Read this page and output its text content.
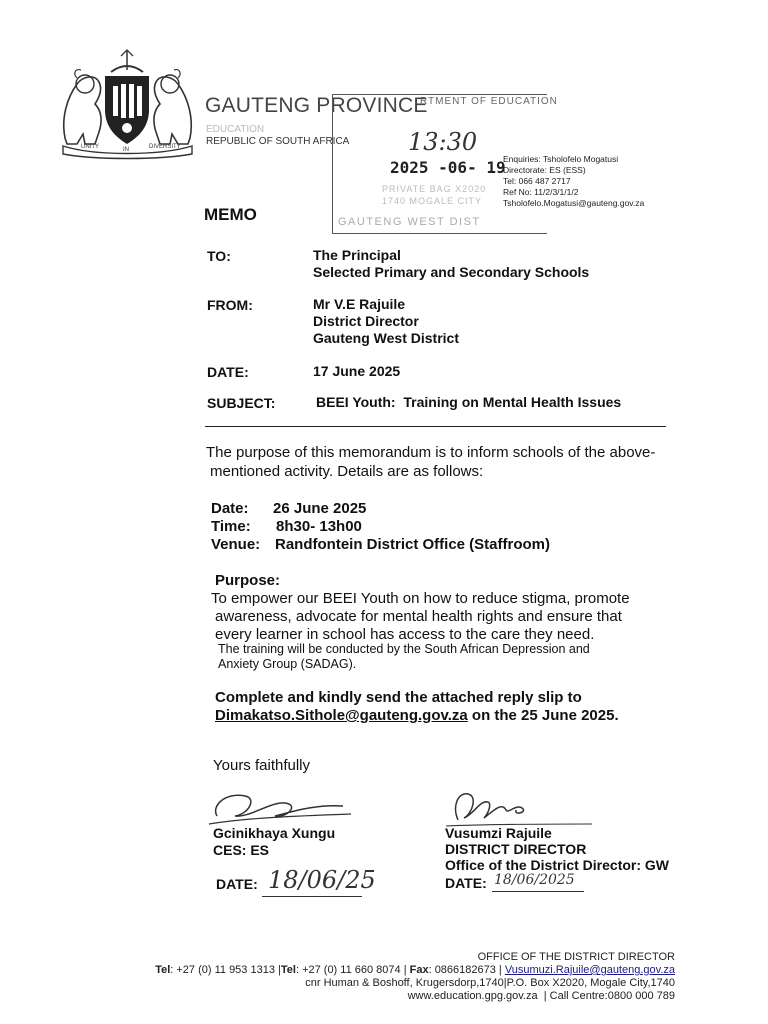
UNITY	IN	DIVERSITY
GAUTENG PROVINCE
EDUCATION
REPUBLIC OF SOUTH AFRICA
RTMENT OF EDUCATION
13:30
2025 -06- 19
PRIVATE BAG X2020
1740 MOGALE CITY
GAUTENG WEST DIST
Enquiries: Tsholofelo Mogatusi
Directorate: ES (ESS)
Tel: 066 487 2717
Ref No: 11/2/3/1/1/2
Tsholofelo.Mogatusi@gauteng.gov.za
MEMO
TO:	The Principal
Selected Primary and Secondary Schools
FROM:	Mr V.E Rajuile
District Director
Gauteng West District
DATE:	17 June 2025
SUBJECT:	BEEI Youth:  Training on Mental Health Issues
The purpose of this memorandum is to inform schools of the above-
mentioned activity. Details are as follows:
Date: 26 June 2025
Time: 8h30- 13h00
Venue: Randfontein District Office (Staffroom)
Purpose:
To empower our BEEI Youth on how to reduce stigma, promote
awareness, advocate for mental health rights and ensure that
every learner in school has access to the care they need.
The training will be conducted by the South African Depression and
Anxiety Group (SADAG).
Complete and kindly send the attached reply slip to
Dimakatso.Sithole@gauteng.gov.za on the 25 June 2025.
Yours faithfully
Gcinikhaya Xungu
CES: ES
DATE: 18/06/25
Vusumzi Rajuile
DISTRICT DIRECTOR
Office of the District Director: GW
DATE: 18/06/2025
OFFICE OF THE DISTRICT DIRECTOR
Tel: +27 (0) 11 953 1313 |Tel: +27 (0) 11 660 8074 | Fax: 0866182673 | Vusumuzi.Rajuile@gauteng.gov.za
cnr Human & Boshoff, Krugersdorp,1740|P.O. Box X2020, Mogale City,1740
www.education.gpg.gov.za  | Call Centre:0800 000 789
